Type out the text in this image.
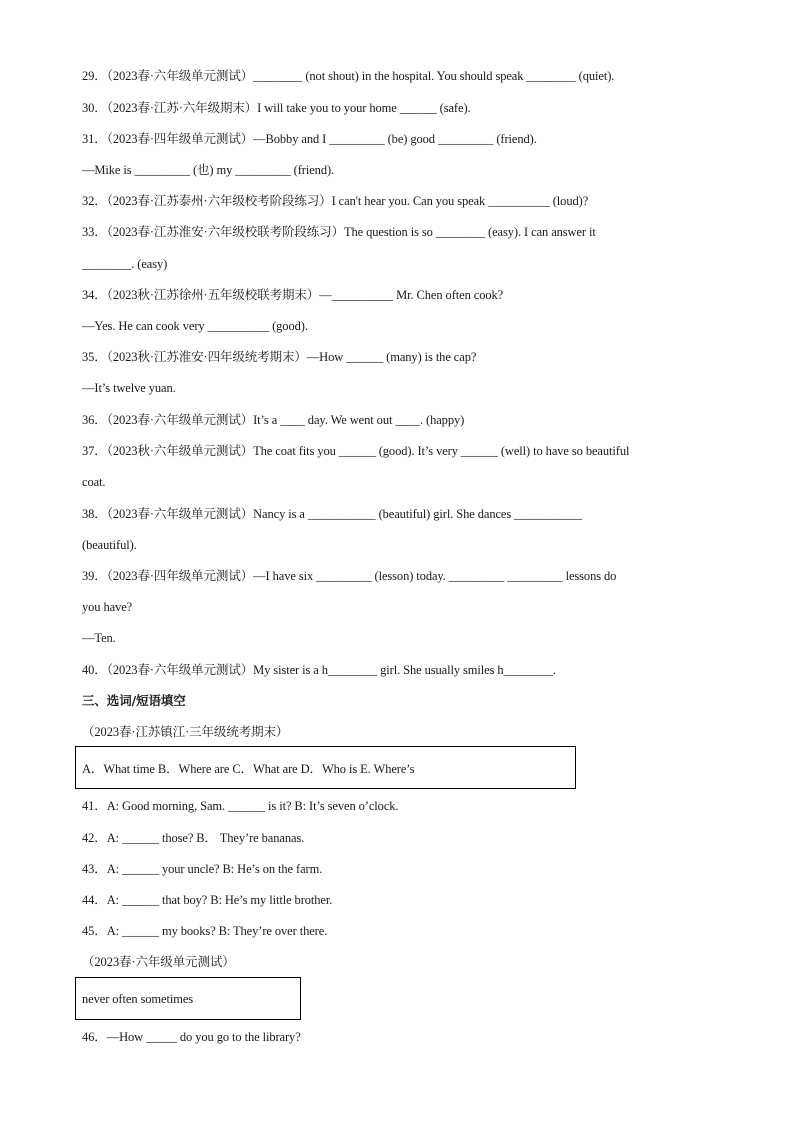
29．（2023春·六年级单元测试）________ (not shout) in the hospital. You should speak ________ (quiet).
30．（2023春·江苏·六年级期末）I will take you to your home ______ (safe).
31．（2023春·四年级单元测试）—Bobby and I _________ (be) good _________ (friend).
—Mike is _________ (也) my _________ (friend).
32．（2023春·江苏泰州·六年级校考阶段练习）I can't hear you. Can you speak __________ (loud)?
33．（2023春·江苏淮安·六年级校联考阶段练习）The question is so ________ (easy). I can answer it
________. (easy)
34．（2023秋·江苏徐州·五年级校联考期末）—__________ Mr. Chen often cook?
—Yes. He can cook very __________ (good).
35．（2023秋·江苏淮安·四年级统考期末）—How ______ (many) is the cap?
—It’s twelve yuan.
36．（2023春·六年级单元测试）It’s a ____ day. We went out ____. (happy)
37．（2023秋·六年级单元测试）The coat fits you ______ (good). It’s very ______ (well) to have so beautiful
coat.
38．（2023春·六年级单元测试）Nancy is a ___________ (beautiful) girl. She dances ___________
(beautiful).
39．（2023春·四年级单元测试）—I have six _________ (lesson) today. _________ _________ lessons do
you have?
—Ten.
40．（2023春·六年级单元测试）My sister is a h________ girl. She usually smiles h________.
三、选词/短语填空
（2023春·江苏镇江·三年级统考期末）
A．What time B．Where are C．What are D．Who is E. Where’s
41．A: Good morning, Sam. ______ is it? B: It’s seven o’clock.
42．A: ______ those? B． They’re bananas.
43．A: ______ your uncle? B: He’s on the farm.
44．A: ______ that boy? B: He’s my little brother.
45．A: ______ my books? B: They’re over there.
（2023春·六年级单元测试）
never often sometimes
46．—How _____ do you go to the library?
